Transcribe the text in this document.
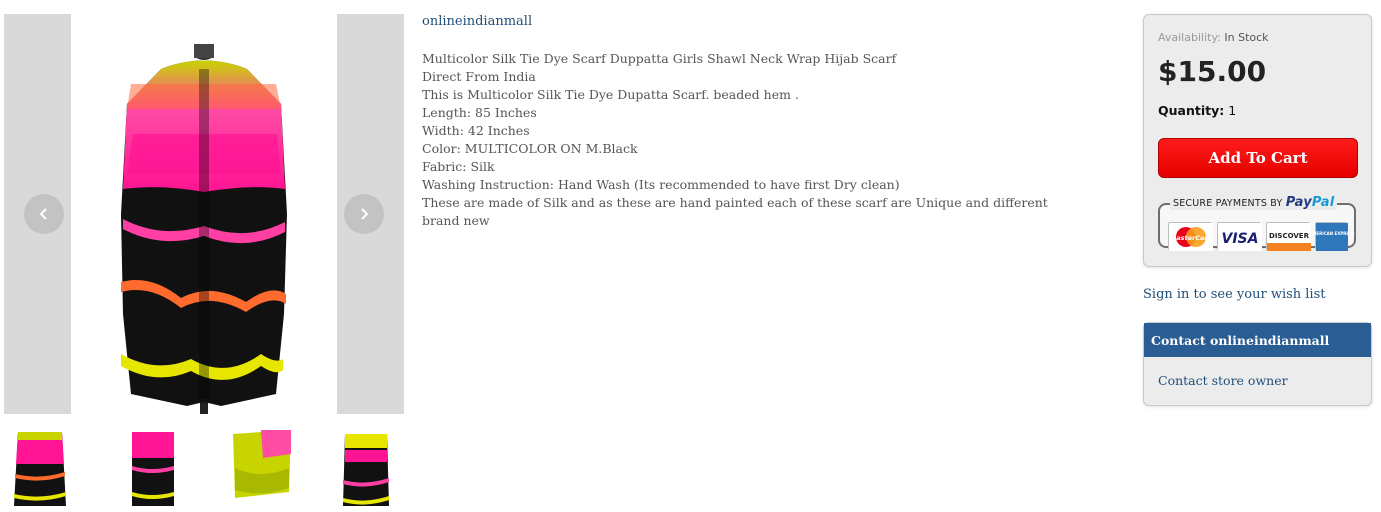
onlineindianmall
Multicolor Silk Tie Dye Scarf Duppatta Girls Shawl Neck Wrap Hijab Scarf
Direct From India
This is Multicolor Silk Tie Dye Dupatta Scarf. beaded hem .
Length: 85 Inches
Width: 42 Inches
Color: MULTICOLOR ON M.Black
Fabric: Silk
Washing Instruction: Hand Wash (Its recommended to have first Dry clean)
These are made of Silk and as these are hand painted each of these scarf are Unique and different
brand new
Availability: In Stock
$15.00
Quantity: 1
Add To Cart
MasterCard VISA DISCOVER AMERICAN EXPRESS
SECURE PAYMENTS BY PayPal
Sign in to see your wish list
Contact onlineindianmall
Contact store owner
